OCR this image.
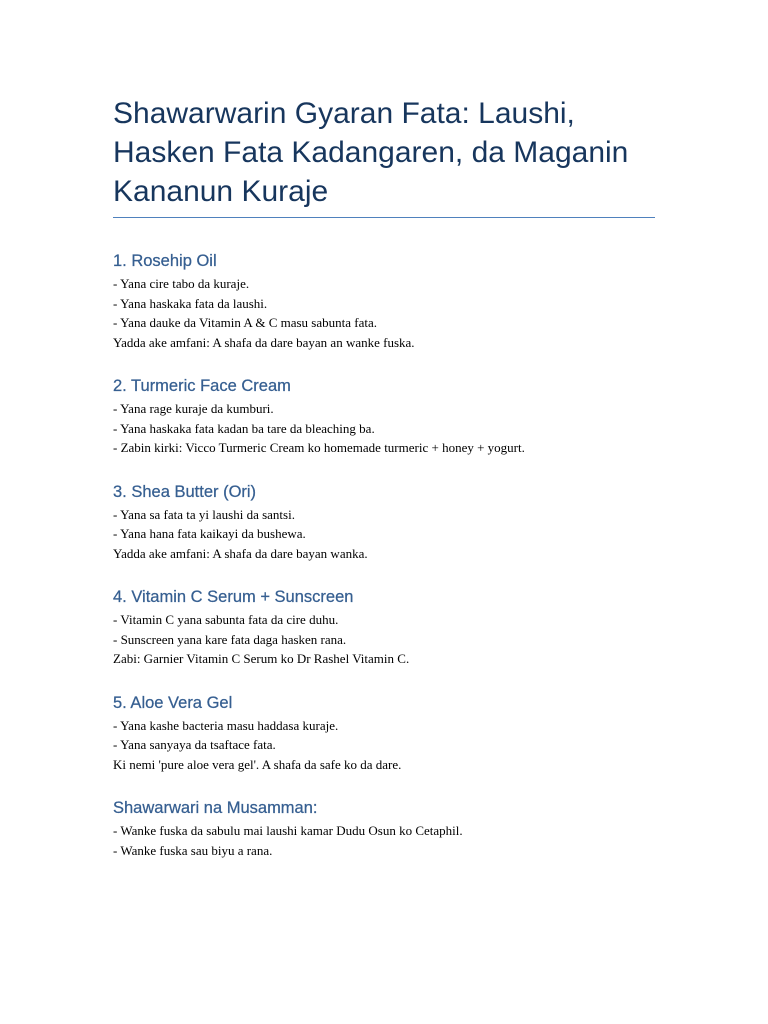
Shawarwarin Gyaran Fata: Laushi, Hasken Fata Kadangaren, da Maganin Kananun Kuraje
1. Rosehip Oil

- Yana cire tabo da kuraje.

- Yana haskaka fata da laushi.

- Yana dauke da Vitamin A & C masu sabunta fata.

Yadda ake amfani: A shafa da dare bayan an wanke fuska.

2. Turmeric Face Cream

- Yana rage kuraje da kumburi.

- Yana haskaka fata kadan ba tare da bleaching ba.

- Zabin kirki: Vicco Turmeric Cream ko homemade turmeric + honey + yogurt.

3. Shea Butter (Ori)

- Yana sa fata ta yi laushi da santsi.

- Yana hana fata kaikayi da bushewa.

Yadda ake amfani: A shafa da dare bayan wanka.

4. Vitamin C Serum + Sunscreen

- Vitamin C yana sabunta fata da cire duhu.

- Sunscreen yana kare fata daga hasken rana.

Zabi: Garnier Vitamin C Serum ko Dr Rashel Vitamin C.

5. Aloe Vera Gel

- Yana kashe bacteria masu haddasa kuraje.

- Yana sanyaya da tsaftace fata.

Ki nemi 'pure aloe vera gel'. A shafa da safe ko da dare.

Shawarwari na Musamman:

- Wanke fuska da sabulu mai laushi kamar Dudu Osun ko Cetaphil.

- Wanke fuska sau biyu a rana.
